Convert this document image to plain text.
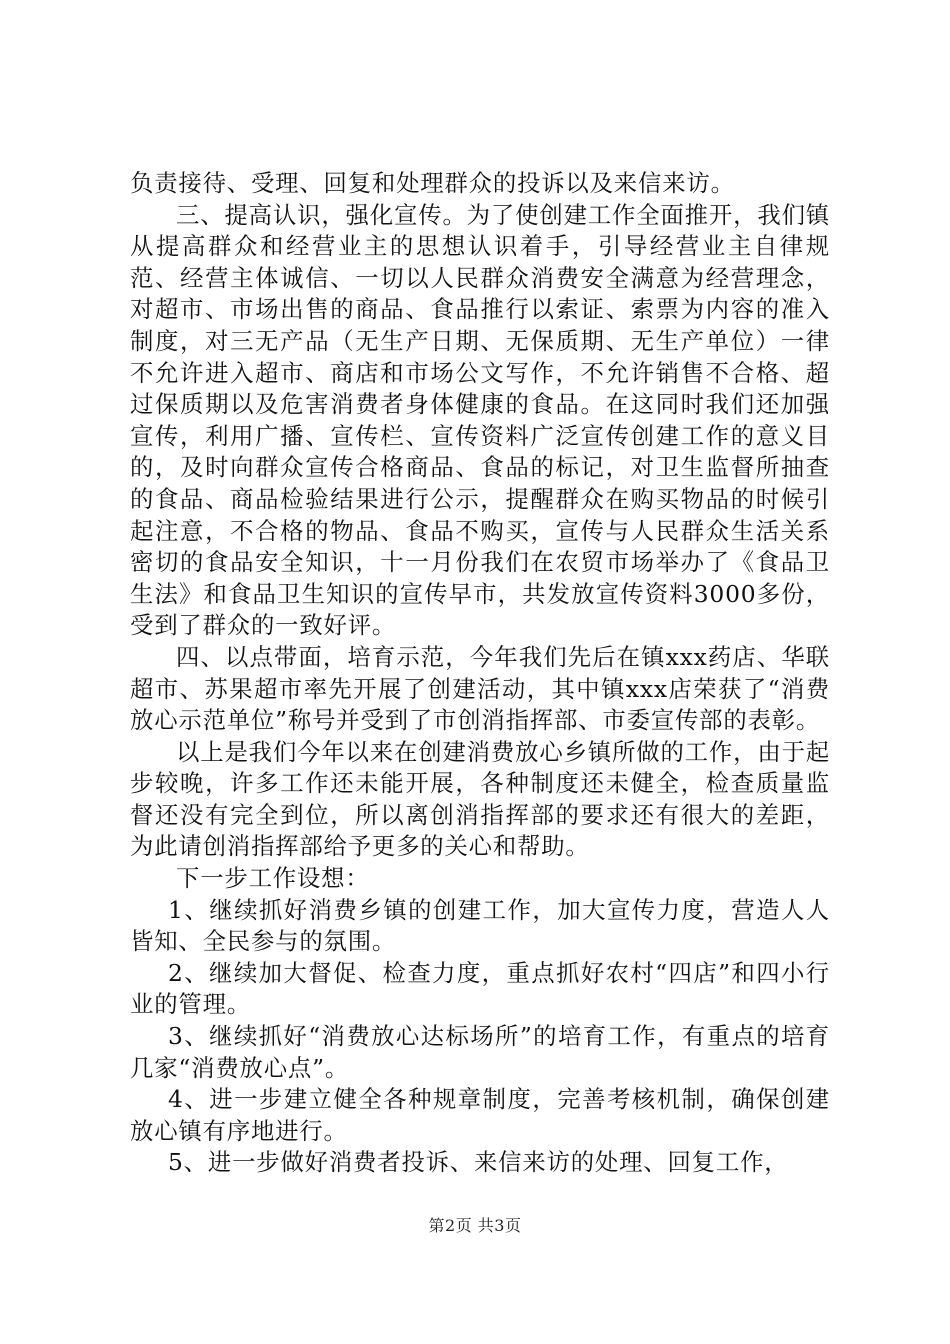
负责接待、受理、回复和处理群众的投诉以及来信来访。

三、提高认识，强化宣传。为了使创建工作全面推开，我们镇从提高群众和经营业主的思想认识着手，引导经营业主自律规范、经营主体诚信、一切以人民群众消费安全满意为经营理念，对超市、市场出售的商品、食品推行以索证、索票为内容的准入制度，对三无产品（无生产日期、无保质期、无生产单位）一律不允许进入超市、商店和市场公文写作，不允许销售不合格、超过保质期以及危害消费者身体健康的食品。在这同时我们还加强宣传，利用广播、宣传栏、宣传资料广泛宣传创建工作的意义目的，及时向群众宣传合格商品、食品的标记，对卫生监督所抽查的食品、商品检验结果进行公示，提醒群众在购买物品的时候引起注意，不合格的物品、食品不购买，宣传与人民群众生活关系密切的食品安全知识，十一月份我们在农贸市场举办了《食品卫生法》和食品卫生知识的宣传早市，共发放宣传资料3000多份，受到了群众的一致好评。

四、以点带面，培育示范，今年我们先后在镇xxx药店、华联超市、苏果超市率先开展了创建活动，其中镇xxx店荣获了“消费放心示范单位”称号并受到了市创消指挥部、市委宣传部的表彰。

以上是我们今年以来在创建消费放心乡镇所做的工作，由于起步较晚，许多工作还未能开展，各种制度还未健全，检查质量监督还没有完全到位，所以离创消指挥部的要求还有很大的差距，为此请创消指挥部给予更多的关心和帮助。

下一步工作设想：

1、继续抓好消费乡镇的创建工作，加大宣传力度，营造人人皆知、全民参与的氛围。

2、继续加大督促、检查力度，重点抓好农村“四店”和四小行业的管理。

3、继续抓好“消费放心达标场所”的培育工作，有重点的培育几家“消费放心点”。

4、进一步建立健全各种规章制度，完善考核机制，确保创建放心镇有序地进行。

5、进一步做好消费者投诉、来信来访的处理、回复工作，

第2页 共3页
